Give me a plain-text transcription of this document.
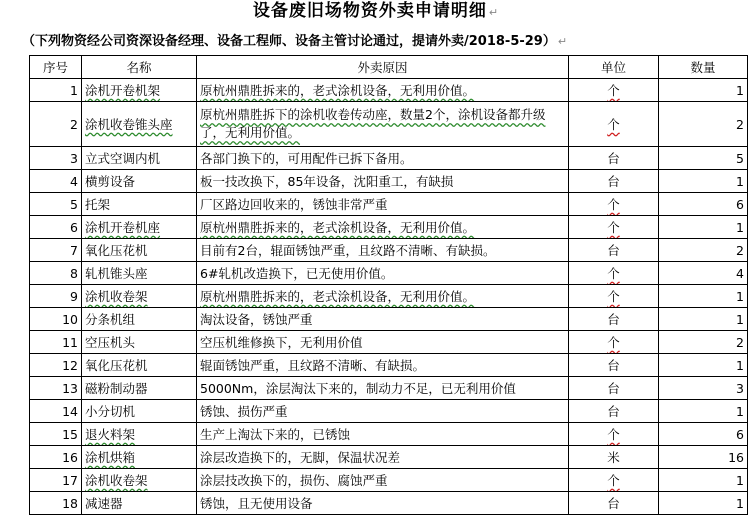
设备废旧场物资外卖申请明细 ↵
（下列物资经公司资深设备经理、设备工程师、设备主管讨论通过，提请外卖/2018-5-29） ↵
序号	名称	外卖原因	单位	数量
1	涂机开卷机架	原杭州鼎胜拆来的，老式涂机设备，无利用价值。	个	1
2	涂机收卷锥头座	原杭州鼎胜拆下的涂机收卷传动座，数量2个，涂机设备都升级了，无利用价值。	个	2
3	立式空调内机	各部门换下的，可用配件已拆下备用。	台	5
4	横剪设备	板一技改换下，85年设备，沈阳重工，有缺损	台	1
5	托架	厂区路边回收来的，锈蚀非常严重	个	6
6	涂机开卷机座	原杭州鼎胜拆来的，老式涂机设备，无利用价值。	个	1
7	氧化压花机	目前有2台，辊面锈蚀严重，且纹路不清晰、有缺损。	台	2
8	轧机锥头座	6#轧机改造换下，已无使用价值。	个	4
9	涂机收卷架	原杭州鼎胜拆来的，老式涂机设备，无利用价值。	个	1
10	分条机组	淘汰设备，锈蚀严重	台	1
11	空压机头	空压机维修换下，无利用价值	个	2
12	氧化压花机	辊面锈蚀严重，且纹路不清晰、有缺损。	台	1
13	磁粉制动器	5000Nm，涂层淘汰下来的，制动力不足，已无利用价值	台	3
14	小分切机	锈蚀、损伤严重	台	1
15	退火料架	生产上淘汰下来的，已锈蚀	个	6
16	涂机烘箱	涂层改造换下的，无脚，保温状况差	米	16
17	涂机收卷架	涂层技改换下的，损伤、腐蚀严重	个	1
18	减速器	锈蚀，且无使用设备	台	1
